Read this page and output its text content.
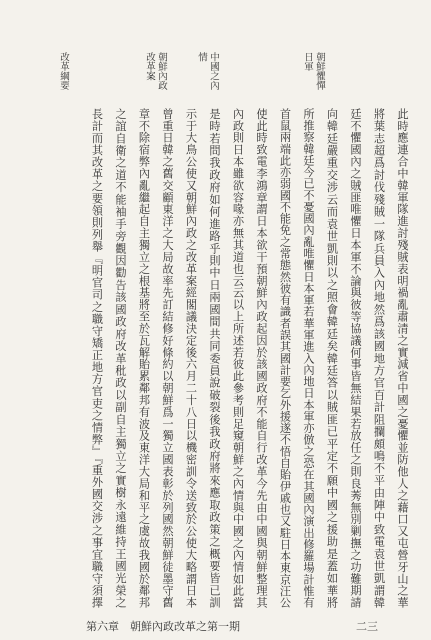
朝鮮懼憚日軍
中國之內情
朝鮮內政改革案
改革綱要
此時應連合中韓軍隊進討殘賊表明禍亂肅清之實減省中國之憂懼並防他人之藉口又屯營牙山之華
將葉志超爲討伐殘賊一隊兵員入內地然爲該國地方官百計阻攔頗鳴不平由陣中致電袁世凱謂韓
廷不懼國內之賊匪唯懼日本軍不論與彼等協議何事皆無結果若放任之則良莠無別剿撫之功難期請
向韓廷嚴重交涉云而袁世凱則以之照會韓廷矣韓廷答以賊匪已平定不願中國之援助是蓋如華將
所推察韓廷今已不憂國內亂唯懼日本軍若華軍進入內地日本軍亦倣之恐在其國內演出修羅場計惟有
首鼠兩端此亦弱國不能免之常態然彼有識者誤其國計要乞外援遂不悟自貽伊戚也又駐日本東京汪公
使此時致電李鴻章謂日本欲干預朝鮮內政起因於該國政府不能自行改革今先由中國與朝鮮整理其
內政則日本雖欲容喙亦無其道也云云以上所述若彼此參考則足窺朝鮮之內情與中國之內情如此當
是時若問我政府如何進路乎則中日兩國間共同委員說破裂後我政府將來應取政策之概要皆已訓
示于大鳥公使又朝鮮內政之改革案經閣議決定後六月二十八日以機密訓令送致於公使大略謂日本
曾重日韓之舊交顧東洋之大局故率先訂結修好條約以朝鮮爲一獨立國表彰於列國然朝鮮徒墨守舊
章不除宿弊內亂繼起自主獨立之根基將至於瓦解貽累鄰邦有波及東洋大局和平之虞故我國於鄰邦
之誼自衛之道不能袖手旁觀因勸告該國政府改革秕政以副自主獨立之實樹永遠維持王國光榮之
長計而其改革之要領則列舉『明官司之職守矯正地方官吏之情弊』『重外國交涉之事宜職守須擇
第六章　朝鮮內政改革之第一期	二三
